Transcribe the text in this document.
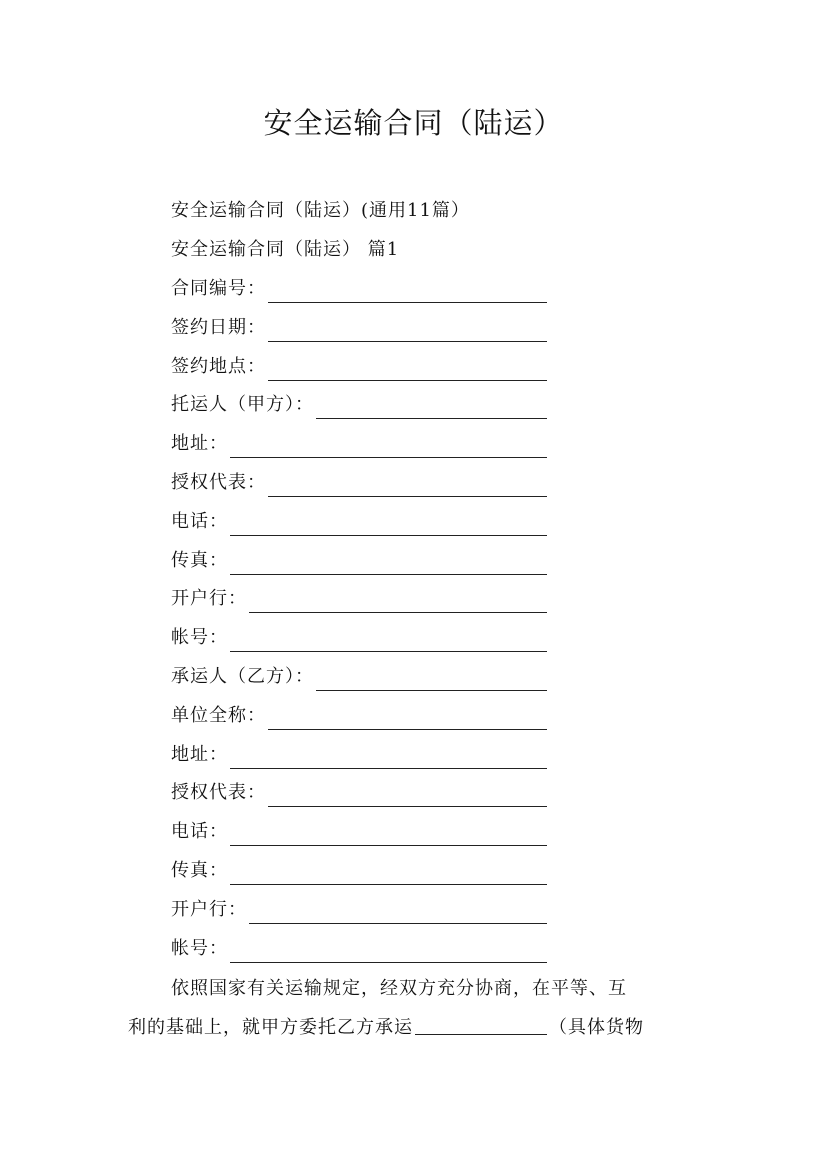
安全运输合同（陆运）
安全运输合同（陆运）(通用11篇）
安全运输合同（陆运） 篇1
合同编号：
签约日期：
签约地点：
托运人（甲方）：
地址：
授权代表：
电话：
传真：
开户行：
帐号：
承运人（乙方）：
单位全称：
地址：
授权代表：
电话：
传真：
开户行：
帐号：
依照国家有关运输规定，经双方充分协商，在平等、互
利的基础上，就甲方委托乙方承运	（具体货物
